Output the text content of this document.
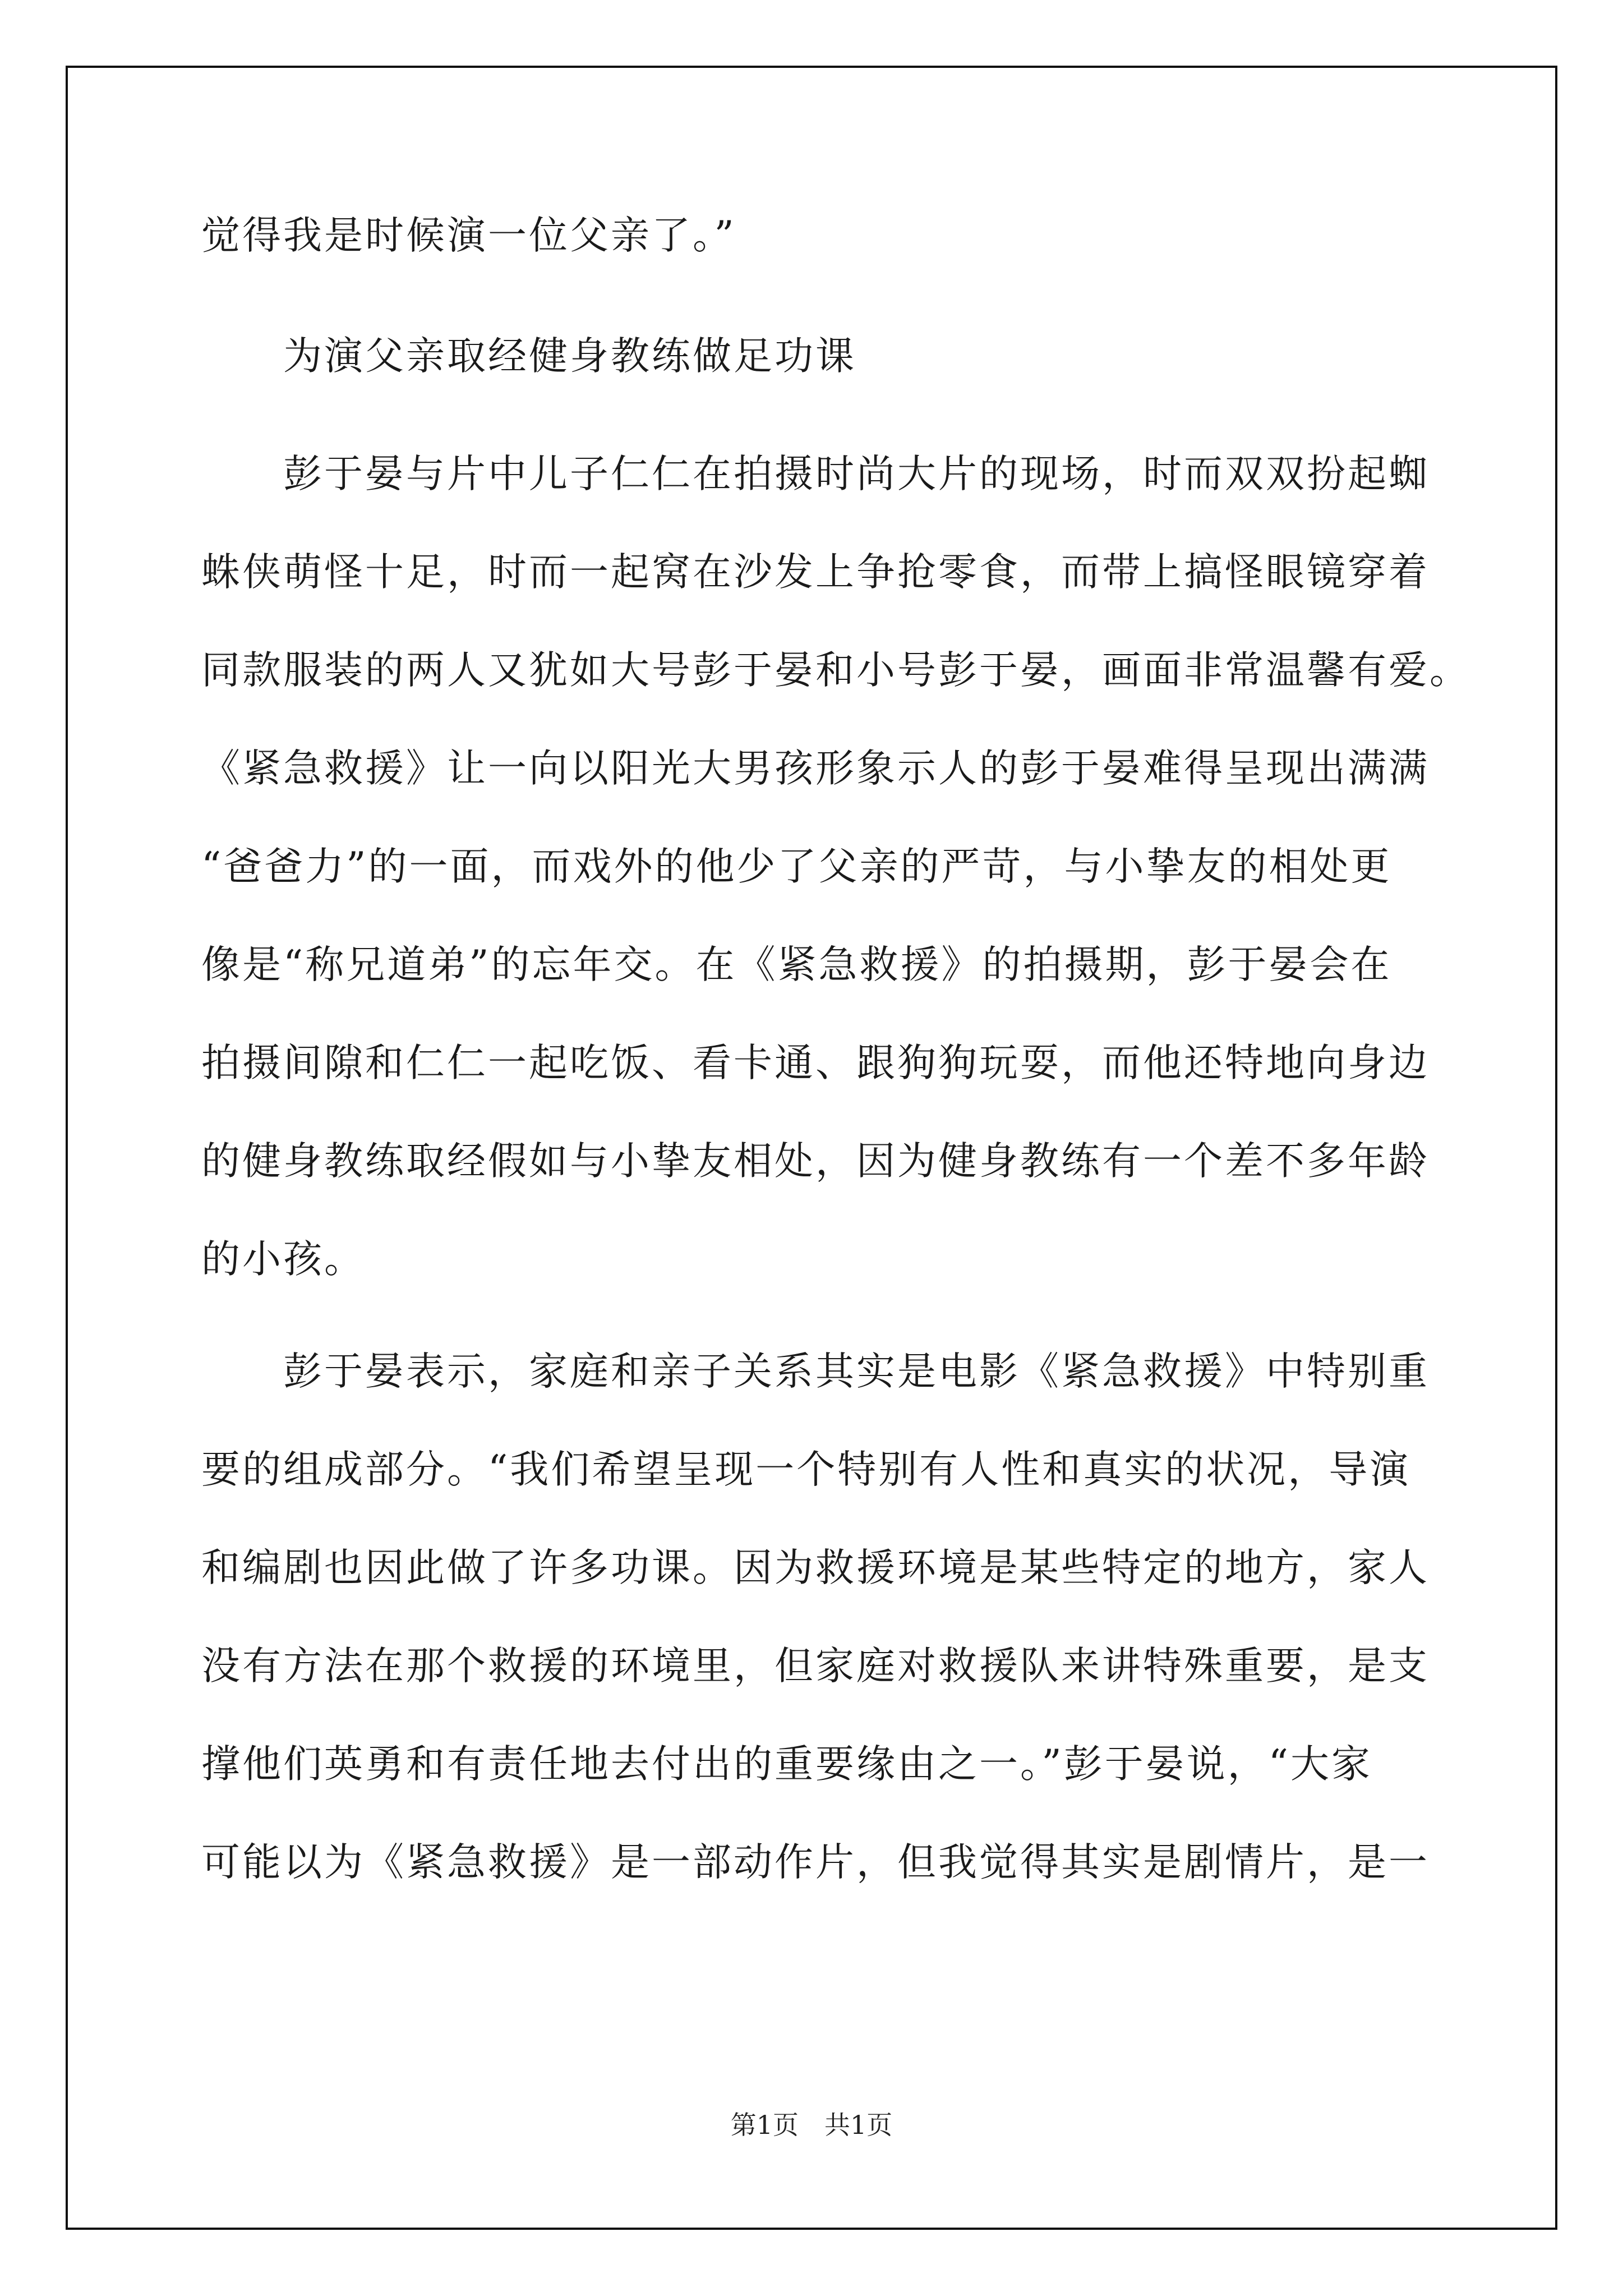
觉得我是时候演一位父亲了。”
　　为演父亲取经健身教练做足功课
　　彭于晏与片中儿子仁仁在拍摄时尚大片的现场，时而双双扮起蜘
蛛侠萌怪十足，时而一起窝在沙发上争抢零食，而带上搞怪眼镜穿着
同款服装的两人又犹如大号彭于晏和小号彭于晏，画面非常温馨有爱。
《紧急救援》让一向以阳光大男孩形象示人的彭于晏难得呈现出满满
“爸爸力”的一面，而戏外的他少了父亲的严苛，与小挚友的相处更
像是“称兄道弟”的忘年交。在《紧急救援》的拍摄期，彭于晏会在
拍摄间隙和仁仁一起吃饭、看卡通、跟狗狗玩耍，而他还特地向身边
的健身教练取经假如与小挚友相处，因为健身教练有一个差不多年龄
的小孩。
　　彭于晏表示，家庭和亲子关系其实是电影《紧急救援》中特别重
要的组成部分。“我们希望呈现一个特别有人性和真实的状况，导演
和编剧也因此做了许多功课。因为救援环境是某些特定的地方，家人
没有方法在那个救援的环境里，但家庭对救援队来讲特殊重要，是支
撑他们英勇和有责任地去付出的重要缘由之一。”彭于晏说，“大家
可能以为《紧急救援》是一部动作片，但我觉得其实是剧情片，是一
第1页　共1页
